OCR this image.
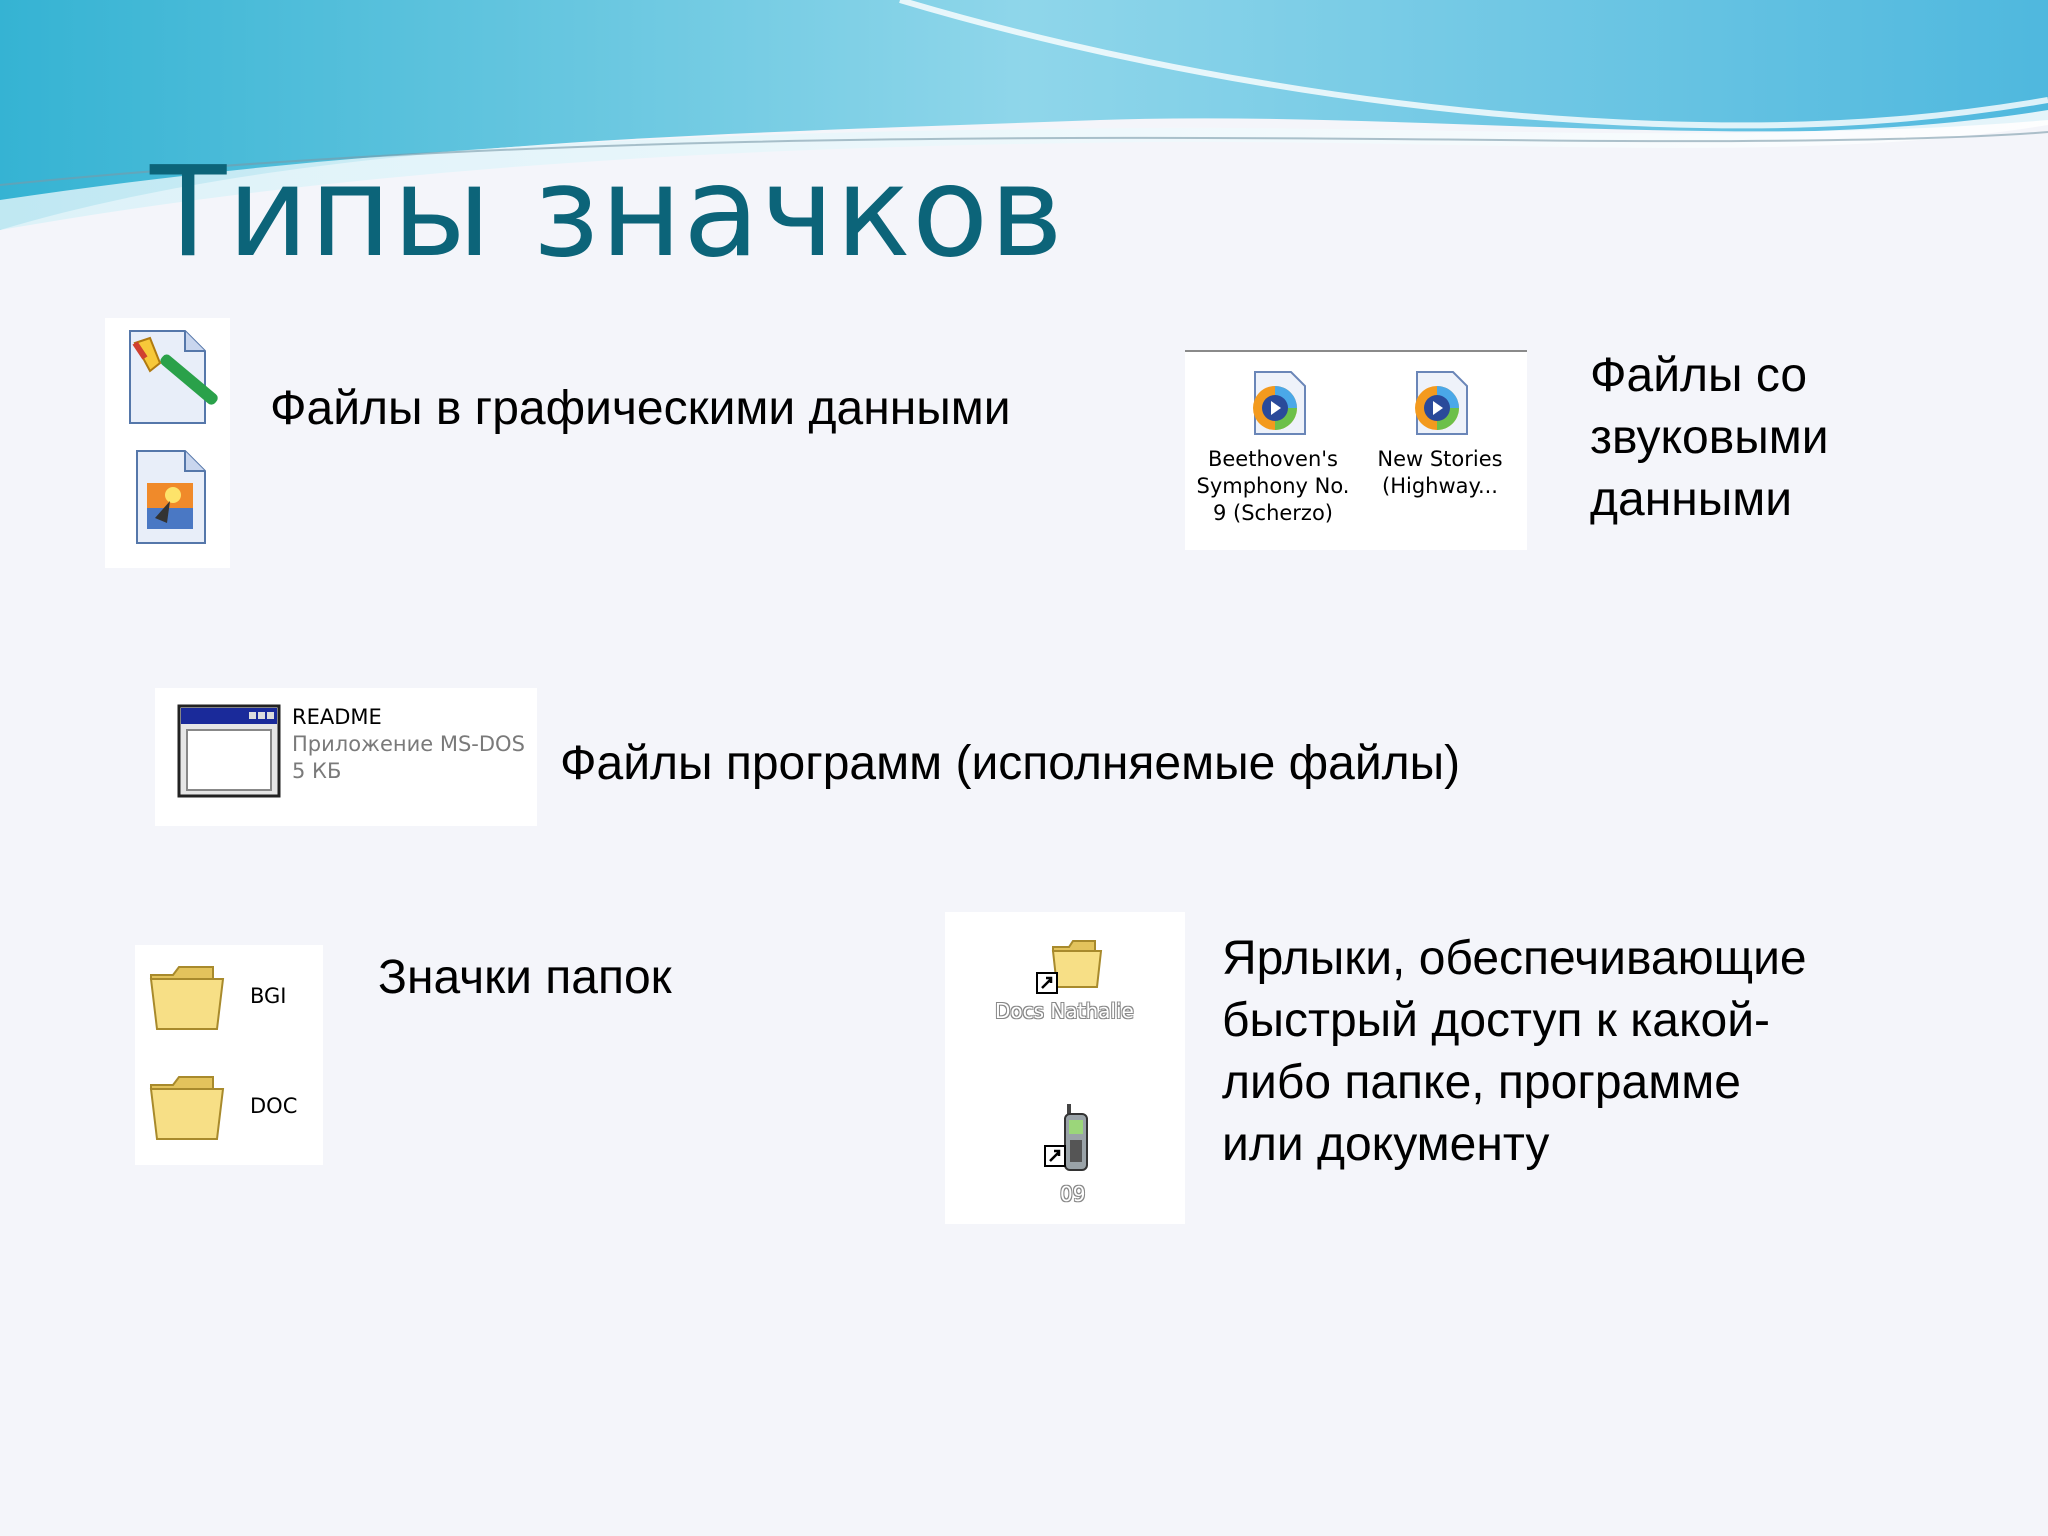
Типы значков
Файлы в графическими данными
Beethoven's
Symphony No.
9 (Scherzo)
New Stories
(Highway...
Файлы со звуковыми данными
README
Приложение MS-DOS
5 КБ	Файлы программ (исполняемые файлы)
BGI
DOC
Значки папок
Docs Nathalie
09
Ярлыки, обеспечивающие
быстрый доступ к какой-
либо папке, программе
или документу
